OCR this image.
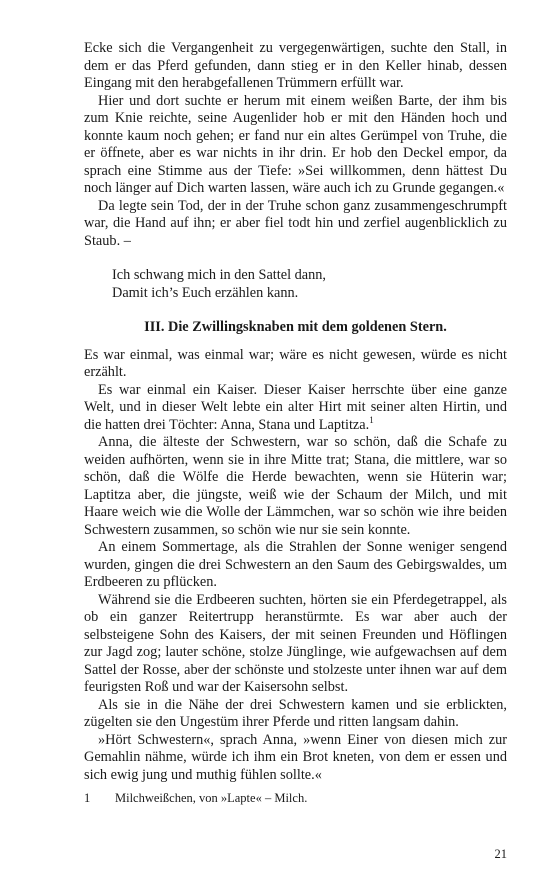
Ecke sich die Vergangenheit zu vergegenwärtigen, suchte den Stall, in dem er das Pferd gefunden, dann stieg er in den Keller hinab, dessen Eingang mit den herabgefallenen Trümmern erfüllt war.

Hier und dort suchte er herum mit einem weißen Barte, der ihm bis zum Knie reichte, seine Augenlider hob er mit den Händen hoch und konnte kaum noch gehen; er fand nur ein altes Gerümpel von Truhe, die er öffnete, aber es war nichts in ihr drin. Er hob den Deckel empor, da sprach eine Stimme aus der Tiefe: »Sei willkommen, denn hättest Du noch länger auf Dich warten lassen, wäre auch ich zu Grunde gegangen.«

Da legte sein Tod, der in der Truhe schon ganz zusammengeschrumpft war, die Hand auf ihn; er aber fiel todt hin und zerfiel augenblicklich zu Staub. –

Ich schwang mich in den Sattel dann,
Damit ich’s Euch erzählen kann.
III. Die Zwillingsknaben mit dem goldenen Stern.

Es war einmal, was einmal war; wäre es nicht gewesen, würde es nicht erzählt.

Es war einmal ein Kaiser. Dieser Kaiser herrschte über eine ganze Welt, und in dieser Welt lebte ein alter Hirt mit seiner alten Hirtin, und die hatten drei Töchter: Anna, Stana und Laptitza.$^1$

Anna, die älteste der Schwestern, war so schön, daß die Schafe zu weiden aufhörten, wenn sie in ihre Mitte trat; Stana, die mittlere, war so schön, daß die Wölfe die Herde bewachten, wenn sie Hüterin war; Laptitza aber, die jüngste, weiß wie der Schaum der Milch, und mit Haare weich wie die Wolle der Lämmchen, war so schön wie ihre beiden Schwestern zusammen, so schön wie nur sie sein konnte.

An einem Sommertage, als die Strahlen der Sonne weniger sengend wurden, gingen die drei Schwestern an den Saum des Gebirgswaldes, um Erdbeeren zu pflücken.

Während sie die Erdbeeren suchten, hörten sie ein Pferdegetrappel, als ob ein ganzer Reitertrupp heranstürmte. Es war aber auch der selbsteigene Sohn des Kaisers, der mit seinen Freunden und Höflingen zur Jagd zog; lauter schöne, stolze Jünglinge, wie aufgewachsen auf dem Sattel der Rosse, aber der schönste und stolzeste unter ihnen war auf dem feurigsten Roß und war der Kaisersohn selbst.

Als sie in die Nähe der drei Schwestern kamen und sie erblickten, zügelten sie den Ungestüm ihrer Pferde und ritten langsam dahin.

»Hört Schwestern«, sprach Anna, »wenn Einer von diesen mich zur Gemahlin nähme, würde ich ihm ein Brot kneten, von dem er essen und sich ewig jung und muthig fühlen sollte.«

1 Milchweißchen, von »Lapte« – Milch.
21
